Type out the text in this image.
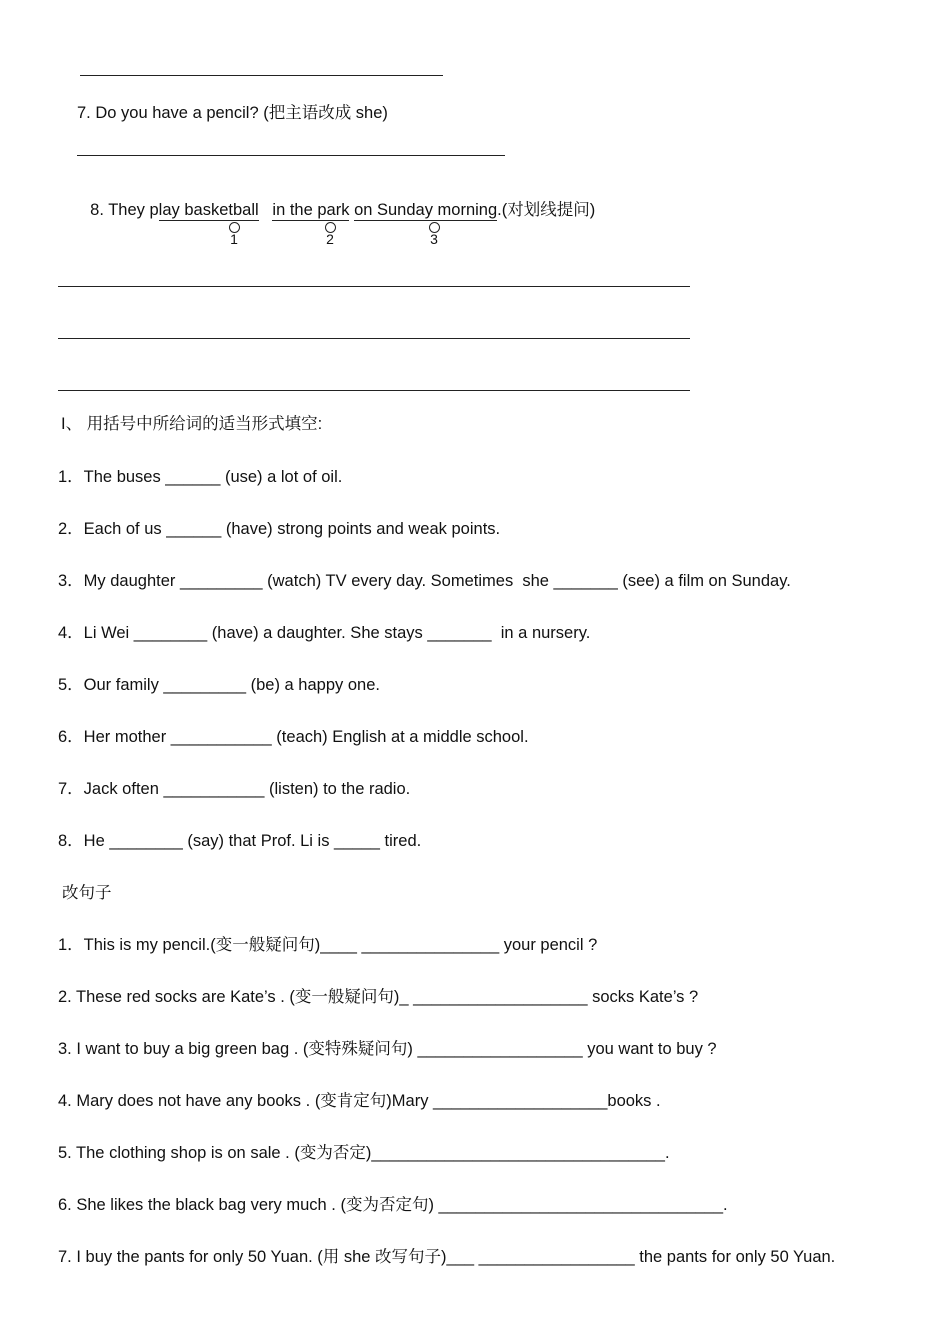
7. Do you have a pencil? (把主语改成 she)

8. They play basketball in the park on Sunday morning.(对划线提问)

1	2	3
I、 用括号中所给词的适当形式填空:
1．The buses ______ (use) a lot of oil.
2．Each of us ______ (have) strong points and weak points.
3．My daughter _________ (watch) TV every day. Sometimes  she _______ (see) a film on Sunday.
4．Li Wei ________ (have) a daughter. She stays _______  in a nursery.
5．Our family _________ (be) a happy one.
6．Her mother ___________ (teach) English at a middle school.
7．Jack often ___________ (listen) to the radio.
8．He ________ (say) that Prof. Li is _____ tired.
改句子
1．This is my pencil.(变一般疑问句)____ _______________ your pencil ?
2. These red socks are Kate’s . (变一般疑问句)_ ___________________ socks Kate’s ?
3. I want to buy a big green bag . (变特殊疑问句) __________________ you want to buy ?
4. Mary does not have any books . (变肯定句)Mary ___________________books .
5. The clothing shop is on sale . (变为否定)________________________________.
6. She likes the black bag very much . (变为否定句) _______________________________.
7. I buy the pants for only 50 Yuan. (用 she 改写句子)___ _________________ the pants for only 50 Yuan.
